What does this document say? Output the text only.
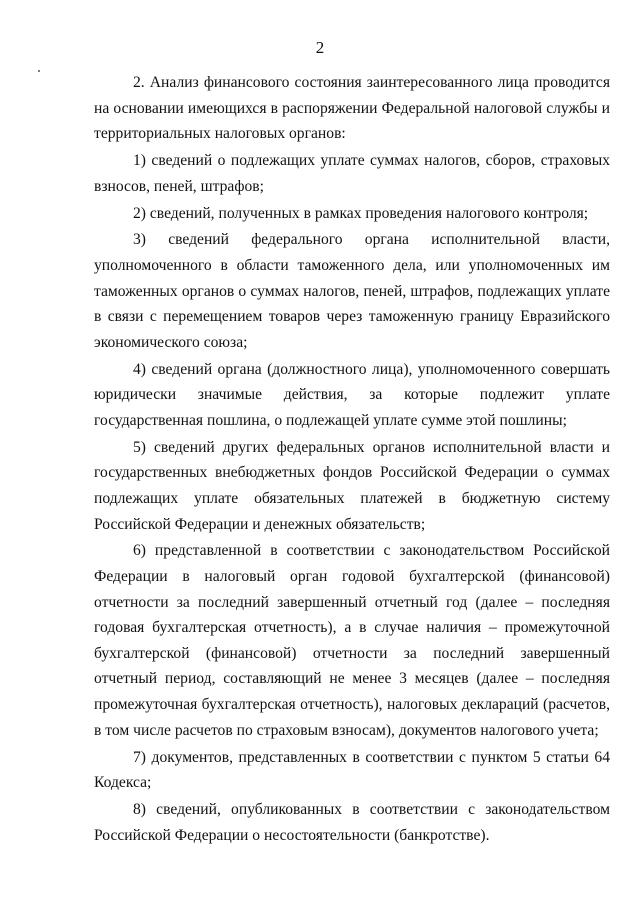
2

2. Анализ финансового состояния заинтересованного лица проводится на основании имеющихся в распоряжении Федеральной налоговой службы и территориальных налоговых органов:

1) сведений о подлежащих уплате суммах налогов, сборов, страховых взносов, пеней, штрафов;

2) сведений, полученных в рамках проведения налогового контроля;

3) сведений федерального органа исполнительной власти, уполномоченного в области таможенного дела, или уполномоченных им таможенных органов о суммах налогов, пеней, штрафов, подлежащих уплате в связи с перемещением товаров через таможенную границу Евразийского экономического союза;

4) сведений органа (должностного лица), уполномоченного совершать юридически значимые действия, за которые подлежит уплате государственная пошлина, о подлежащей уплате сумме этой пошлины;

5) сведений других федеральных органов исполнительной власти и государственных внебюджетных фондов Российской Федерации о суммах подлежащих уплате обязательных платежей в бюджетную систему Российской Федерации и денежных обязательств;

6) представленной в соответствии с законодательством Российской Федерации в налоговый орган годовой бухгалтерской (финансовой) отчетности за последний завершенный отчетный год (далее – последняя годовая бухгалтерская отчетность), а в случае наличия – промежуточной бухгалтерской (финансовой) отчетности за последний завершенный отчетный период, составляющий не менее 3 месяцев (далее – последняя промежуточная бухгалтерская отчетность), налоговых деклараций (расчетов, в том числе расчетов по страховым взносам), документов налогового учета;

7) документов, представленных в соответствии с пунктом 5 статьи 64 Кодекса;

8) сведений, опубликованных в соответствии с законодательством Российской Федерации о несостоятельности (банкротстве).
